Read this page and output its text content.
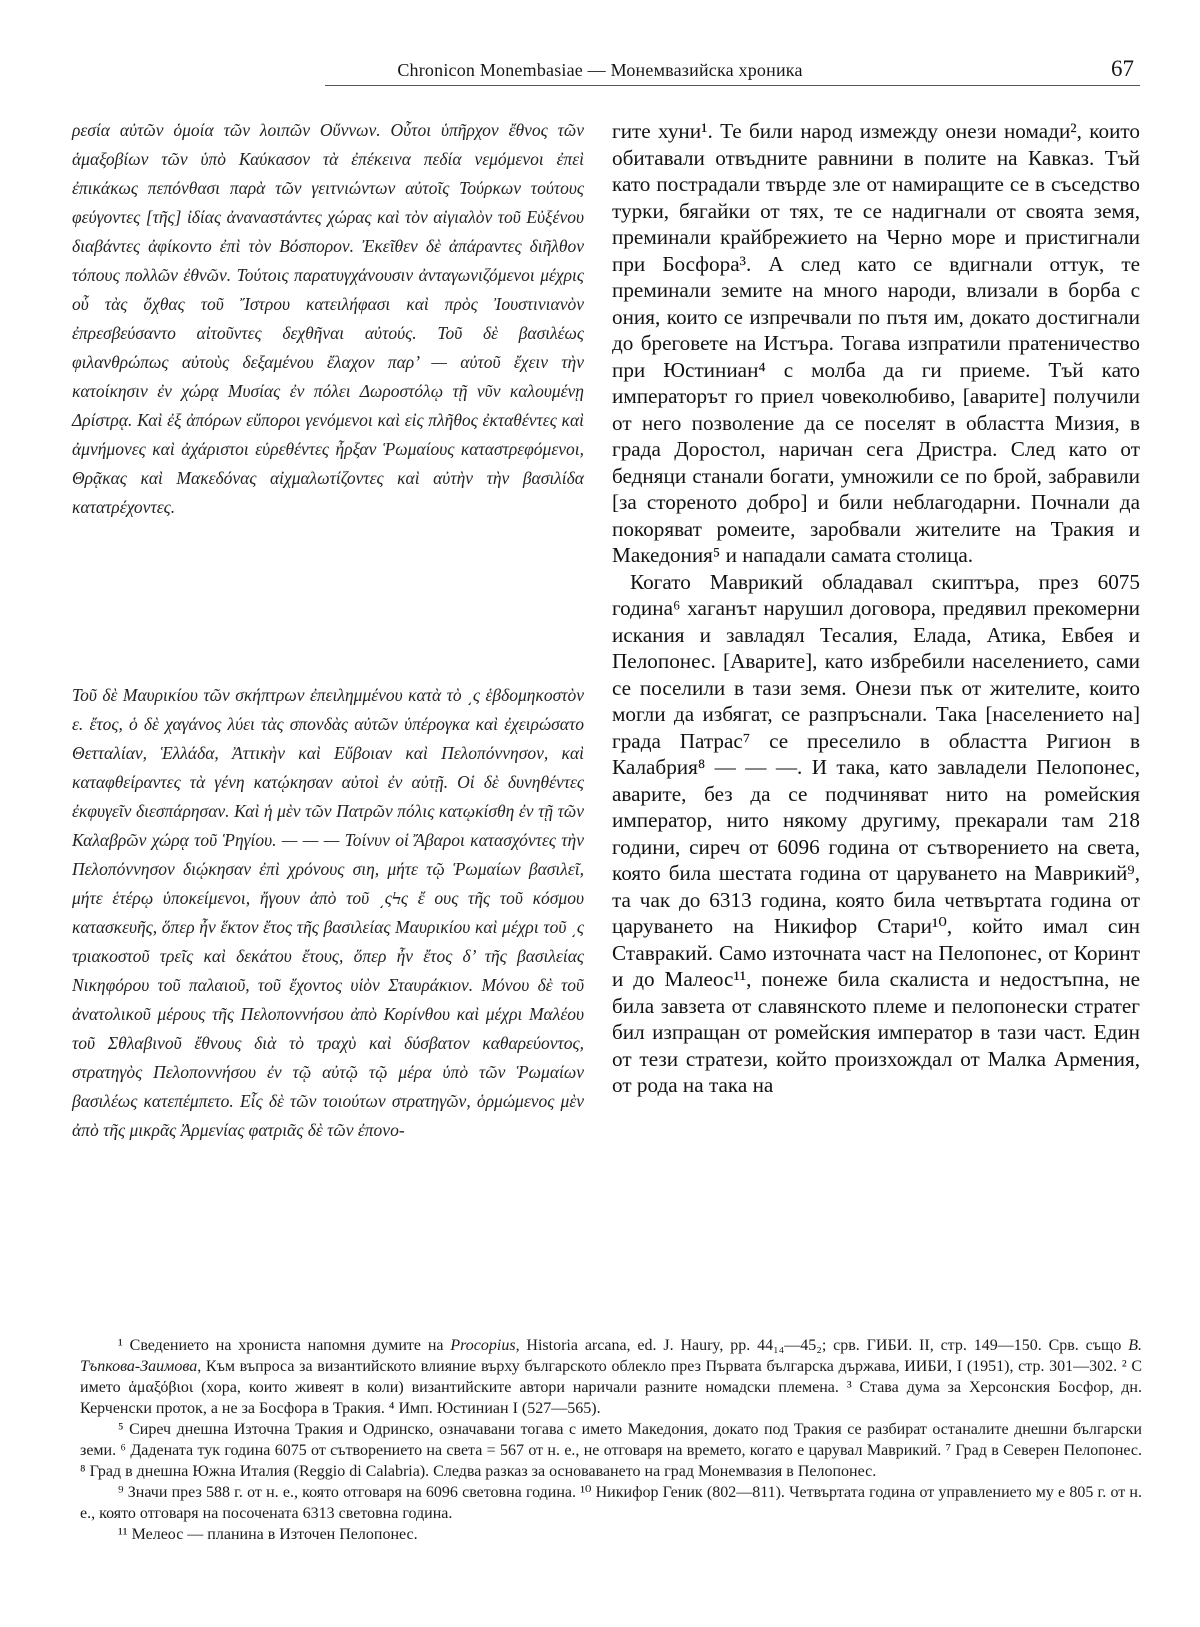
Chronicon Monembasiae — Монемвазийска хроника	67

ρεσία αὐτῶν ὁμοία τῶν λοιπῶν Οὔννων. Οὗτοι ὑπῆρχον ἔθνος τῶν ἁμαξοβίων τῶν ὑπὸ Καύκασον τὰ ἐπέκεινα πεδία νεμόμενοι ἐπεὶ ἐπικάκως πεπόνθασι παρὰ τῶν γειτνιώντων αὐτοῖς Τούρκων τούτους φεύγοντες [τῆς] ἰδίας ἀναναστάντες χώρας καὶ τὸν αἰγιαλὸν τοῦ Εὐξένου διαβάντες ἀφίκοντο ἐπὶ τὸν Βόσπορον. Ἐκεῖθεν δὲ ἀπάραντες διῆλθον τόπους πολλῶν ἐθνῶν. Τούτοις παρατυγχάνουσιν ἀνταγωνιζόμενοι μέχρις οὗ τὰς ὄχθας τοῦ Ἴστρου κατειλήφασι καὶ πρὸς Ἰουστινιανὸν ἐπρεσβεύσαντο αἰτοῦντες δεχθῆναι αὐτούς. Τοῦ δὲ βασιλέως φιλανθρώπως αὐτοὺς δεξαμένου ἔλαχον παρ’ — αὐτοῦ ἔχειν τὴν κατοίκησιν ἐν χώρᾳ Μυσίας ἐν πόλει Δωροστόλῳ τῇ νῦν καλουμένῃ Δρίστρᾳ. Καὶ ἐξ ἀπόρων εὔποροι γενόμενοι καὶ εἰς πλῆθος ἐκταθέντες καὶ ἀμνήμονες καὶ ἀχάριστοι εὑρεθέντες ἦρξαν Ῥωμαίους καταστρεφόμενοι, Θρᾷκας καὶ Μακεδόνας αἰχμαλωτίζοντες καὶ αὐτὴν τὴν βασιλίδα κατατρέχοντες.

Τοῦ δὲ Μαυρικίου τῶν σκήπτρων ἐπειλημμένου κατὰ τὸ ͵ς ἑβδομηκοστὸν ε. ἔτος, ὁ δὲ χαγάνος λύει τὰς σπονδὰς αὐτῶν ὑπέρογκα καὶ ἐχειρώσατο Θετταλίαν, Ἑλλάδα, Ἀττικὴν καὶ Εὔβοιαν καὶ Πελοπόννησον, καὶ καταφθείραντες τὰ γένη κατῴκησαν αὐτοὶ ἐν αὐτῇ. Οἱ δὲ δυνηθέντες ἐκφυγεῖν διεσπάρησαν. Καὶ ἡ μὲν τῶν Πατρῶν πόλις κατῳκίσθη ἐν τῇ τῶν Καλαβρῶν χώρᾳ τοῦ Ῥηγίου. — — — Τοίνυν οἱ Ἄβαροι κατασχόντες τὴν Πελοπόννησον διῴκησαν ἐπὶ χρόνους σιη, μήτε τῷ Ῥωμαίων βασιλεῖ, μήτε ἑτέρῳ ὑποκείμενοι, ἤγουν ἀπὸ τοῦ ͵ςϞς ἔ ους τῆς τοῦ κόσμου κατασκευῆς, ὅπερ ἦν ἕκτον ἔτος τῆς βασιλείας Μαυρικίου καὶ μέχρι τοῦ ͵ς τριακοστοῦ τρεῖς καὶ δεκάτου ἔτους, ὅπερ ἦν ἔτος δ’ τῆς βασιλείας Νικηφόρου τοῦ παλαιοῦ, τοῦ ἔχοντος υἱὸν Σταυράκιον. Μόνου δὲ τοῦ ἀνατολικοῦ μέρους τῆς Πελοποννήσου ἀπὸ Κορίνθου καὶ μέχρι Μαλέου τοῦ Σθλαβινοῦ ἔθνους διὰ τὸ τραχὺ καὶ δύσβατον καθαρεύοντος, στρατηγὸς Πελοποννήσου ἐν τῷ αὐτῷ τῷ μέρα ὑπὸ τῶν Ῥωμαίων βασιλέως κατεπέμπετο. Εἷς δὲ τῶν τοιούτων στρατηγῶν, ὁρμώμενος μὲν ἀπὸ τῆς μικρᾶς Ἀρμενίας φατριᾶς δὲ τῶν ἐπονο-

гите хуни¹. Те били народ измежду онези номади², които обитавали отвъдните равнини в полите на Кавказ. Тъй като пострадали твърде зле от намиращите се в съседство турки, бягайки от тях, те се надигнали от своята земя, преминали крайбрежието на Черно море и пристигнали при Босфора³. А след като се вдигнали оттук, те преминали земите на много народи, влизали в борба с ония, които се изпречвали по пътя им, докато достигнали до бреговете на Истъра. Тогава изпратили пратеничество при Юстиниан⁴ с молба да ги приеме. Тъй като императорът го приел човеколюбиво, [аварите] получили от него позволение да се поселят в областта Мизия, в града Доростол, наричан сега Дристра. След като от бедняци станали богати, умножили се по брой, забравили [за стореното добро] и били неблагодарни. Почнали да покоряват ромеите, заробвали жителите на Тракия и Македония⁵ и нападали самата столица.

Когато Маврикий обладавал скиптъра, през 6075 година⁶ хаганът нарушил договора, предявил прекомерни искания и завладял Тесалия, Елада, Атика, Евбея и Пелопонес. [Аварите], като избребили населението, сами се поселили в тази земя. Онези пък от жителите, които могли да избягат, се разпръснали. Така [населението на] града Патрас⁷ се преселило в областта Ригион в Калабрия⁸ — — —. И така, като завладели Пелопонес, аварите, без да се подчиняват нито на ромейския император, нито някому другиму, прекарали там 218 години, сиреч от 6096 година от сътворението на света, която била шестата година от царуването на Маврикий⁹, та чак до 6313 година, която била четвъртата година от царуването на Никифор Стари¹⁰, който имал син Ставракий. Само източната част на Пелопонес, от Коринт и до Малеос¹¹, понеже била скалиста и недостъпна, не била завзета от славянското племе и пелопонески стратег бил изпращан от ромейския император в тази част. Един от тези стратези, който произхождал от Малка Армения, от рода на така на

¹ Сведението на хрониста напомня думите на Procopius, Historia arcana, ed. J. Haury, pp. 44₁₄—45₂; срв. ГИБИ. II, стр. 149—150. Срв. също В. Тъпкова-Заимова, Към въпроса за византийското влияние върху българското облекло през Първата българска държава, ИИБИ, I (1951), стр. 301—302. ² С името ἁμαξόβιοι (хора, които живеят в коли) византийските автори наричали разните номадски племена. ³ Става дума за Херсонския Босфор, дн. Керченски проток, а не за Босфора в Тракия. ⁴ Имп. Юстиниан I (527—565).

⁵ Сиреч днешна Източна Тракия и Одринско, означавани тогава с името Македония, докато под Тракия се разбират останалите днешни български земи. ⁶ Дадената тук година 6075 от сътворението на света = 567 от н. е., не отговаря на времето, когато е царувал Маврикий. ⁷ Град в Северен Пелопонес. ⁸ Град в днешна Южна Италия (Reggio di Calabria). Следва разказ за основаването на град Монемвазия в Пелопонес.

⁹ Значи през 588 г. от н. е., която отговаря на 6096 световна година. ¹⁰ Никифор Геник (802—811). Четвъртата година от управлението му е 805 г. от н. е., която отговаря на посочената 6313 световна година.

¹¹ Мелеос — планина в Източен Пелопонес.
